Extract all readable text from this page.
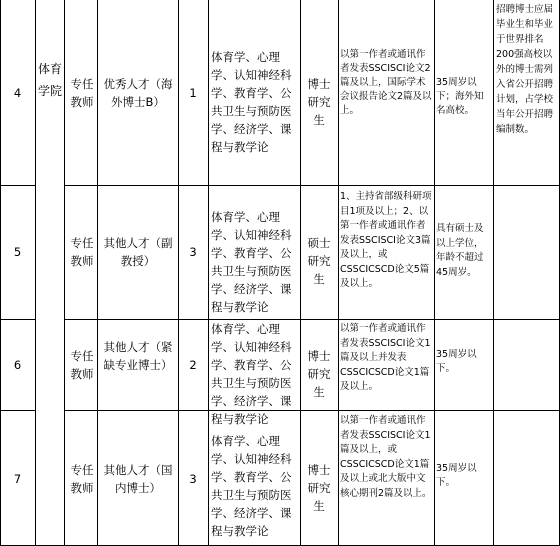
体育学院
4
专任教师
优秀人才（海外博士B）
1
体育学、心理学、认知神经科学、教育学、公共卫生与预防医学、经济学、课程与教学论
博士研究生
以第一作者或通讯作者发表SSCISCI论文2篇及以上，国际学术会议报告论文2篇及以上。
35周岁以下；海外知名高校。
招聘博士应届毕业生和毕业于世界排名200强高校以外的博士需列入省公开招聘计划，占学校当年公开招聘编制数。
5
专任教师
其他人才（副教授）
3
体育学、心理学、认知神经科学、教育学、公共卫生与预防医学、经济学、课程与教学论
硕士研究生
1、主持省部级科研项目1项及以上；2、以第一作者或通讯作者发表SSCISCI论文3篇及以上，或CSSCICSCD论文5篇及以上。
具有硕士及以上学位，年龄不超过45周岁。
6
专任教师
其他人才（紧缺专业博士）	2
体育学、心理学、认知神经科学、教育学、公共卫生与预防医学、经济学、课程与教学论
博士研究生
以第一作者或通讯作者发表SSCISCI论文1篇及以上并发表CSSCICSCD论文1篇及以上。
35周岁以下。
7
专任教师
其他人才（国内博士）
3
体育学、心理学、认知神经科学、教育学、公共卫生与预防医学、经济学、课程与教学论
博士研究生
以第一作者或通讯作者发表SSCISCI论文1篇及以上，或CSSCICSCD论文1篇及以上或北大版中文核心期刊2篇及以上。
35周岁以下。
